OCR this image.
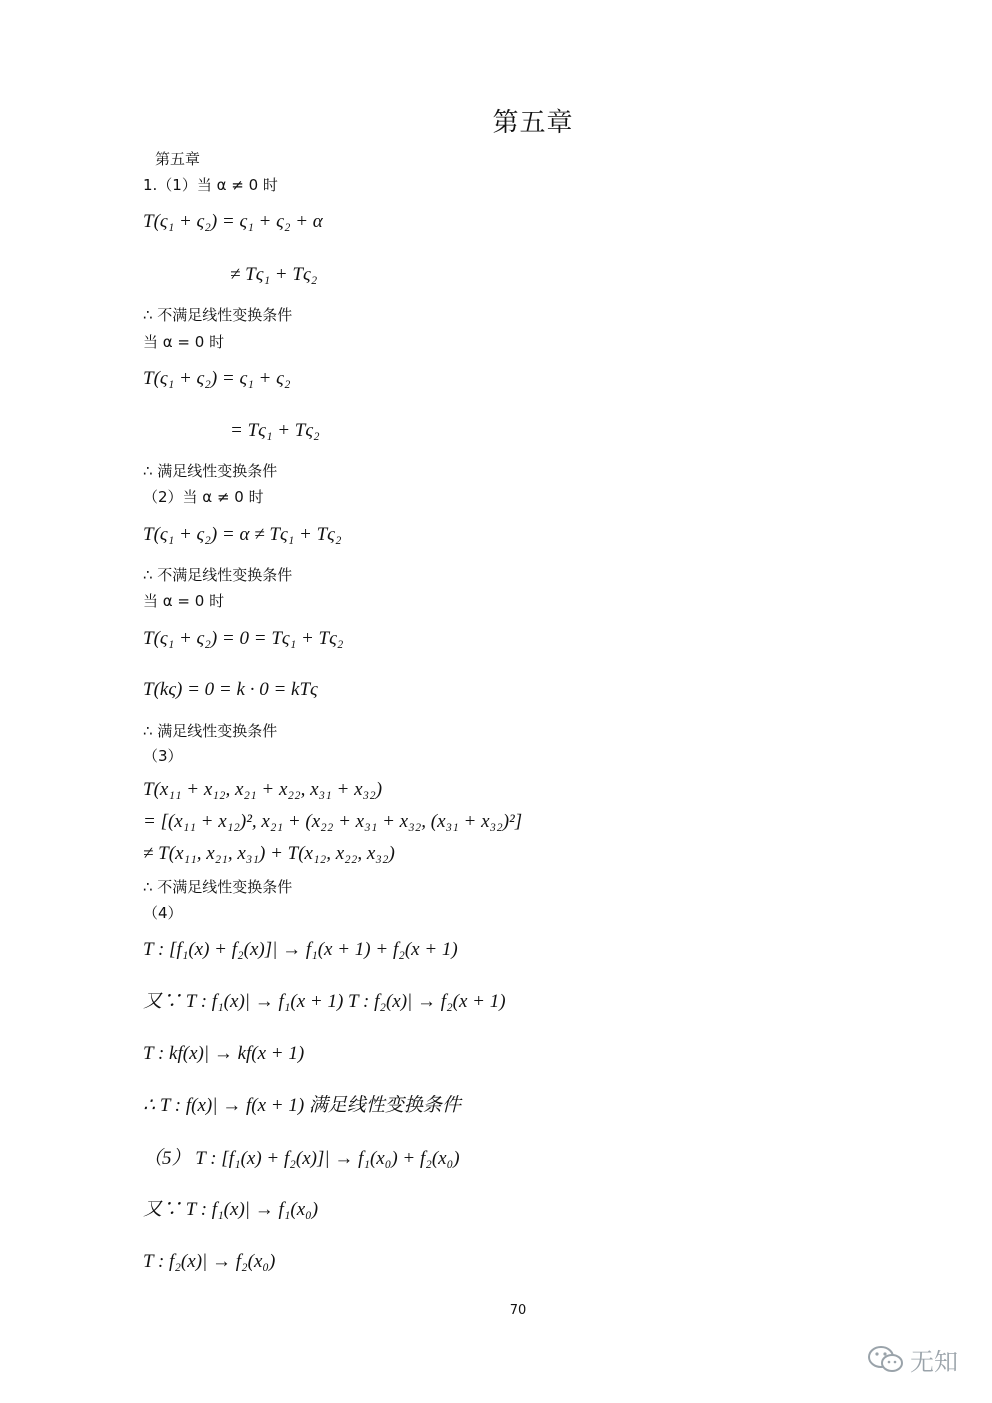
第五章
第五章
1.（1）当 α ≠ 0 时
T(ς₁ + ς₂) = ς₁ + ς₂ + α
≠ Tς₁ + Tς₂
∴ 不满足线性变换条件
当 α = 0 时
T(ς₁ + ς₂) = ς₁ + ς₂
= Tς₁ + Tς₂
∴ 满足线性变换条件
（2）当 α ≠ 0 时
T(ς₁ + ς₂) = α ≠ Tς₁ + Tς₂
∴ 不满足线性变换条件
当 α = 0 时
T(ς₁ + ς₂) = 0 = Tς₁ + Tς₂
T(kς) = 0 = k · 0 = kTς
∴ 满足线性变换条件
（3）
T(x₁₁ + x₁₂, x₂₁ + x₂₂, x₃₁ + x₃₂)
= [(x₁₁ + x₁₂)², x₂₁ + (x₂₂ + x₃₁ + x₃₂, (x₃₁ + x₃₂)²]
≠ T(x₁₁, x₂₁, x₃₁) + T(x₁₂, x₂₂, x₃₂)
∴ 不满足线性变换条件
（4）
T : [f₁(x) + f₂(x)]| → f₁(x + 1) + f₂(x + 1)
又∵ T : f₁(x)| → f₁(x + 1) T : f₂(x)| → f₂(x + 1)
T : kf(x)| → kf(x + 1)
∴ T : f(x)| → f(x + 1) 满足线性变换条件
（5） T : [f₁(x) + f₂(x)]| → f₁(x₀) + f₂(x₀)
又∵ T : f₁(x)| → f₁(x₀)
T : f₂(x)| → f₂(x₀)
70
无知
